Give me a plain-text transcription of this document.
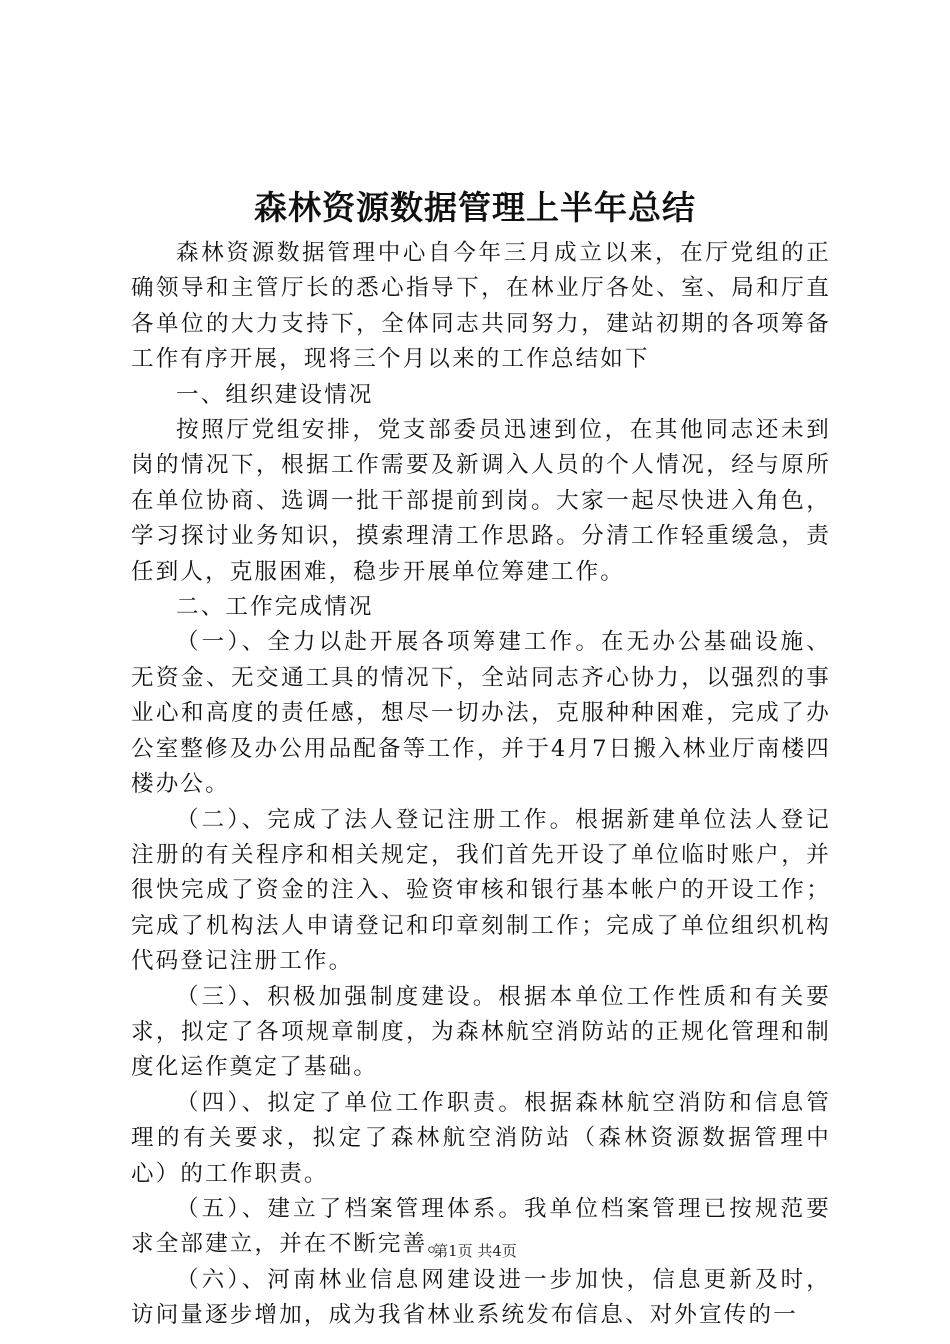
森林资源数据管理上半年总结

森林资源数据管理中心自今年三月成立以来，在厅党组的正确领导和主管厅长的悉心指导下，在林业厅各处、室、局和厅直各单位的大力支持下，全体同志共同努力，建站初期的各项筹备工作有序开展，现将三个月以来的工作总结如下

一、组织建设情况

按照厅党组安排，党支部委员迅速到位，在其他同志还未到岗的情况下，根据工作需要及新调入人员的个人情况，经与原所在单位协商、选调一批干部提前到岗。大家一起尽快进入角色，学习探讨业务知识，摸索理清工作思路。分清工作轻重缓急，责任到人，克服困难，稳步开展单位筹建工作。

二、工作完成情况

（一）、全力以赴开展各项筹建工作。在无办公基础设施、无资金、无交通工具的情况下，全站同志齐心协力，以强烈的事业心和高度的责任感，想尽一切办法，克服种种困难，完成了办公室整修及办公用品配备等工作，并于4月7日搬入林业厅南楼四楼办公。

（二）、完成了法人登记注册工作。根据新建单位法人登记注册的有关程序和相关规定，我们首先开设了单位临时账户，并很快完成了资金的注入、验资审核和银行基本帐户的开设工作；完成了机构法人申请登记和印章刻制工作；完成了单位组织机构代码登记注册工作。

（三）、积极加强制度建设。根据本单位工作性质和有关要求，拟定了各项规章制度，为森林航空消防站的正规化管理和制度化运作奠定了基础。

（四）、拟定了单位工作职责。根据森林航空消防和信息管理的有关要求，拟定了森林航空消防站（森林资源数据管理中心）的工作职责。

（五）、建立了档案管理体系。我单位档案管理已按规范要求全部建立，并在不断完善。

（六）、河南林业信息网建设进一步加快，信息更新及时，访问量逐步增加，成为我省林业系统发布信息、对外宣传的一

第1页 共4页
